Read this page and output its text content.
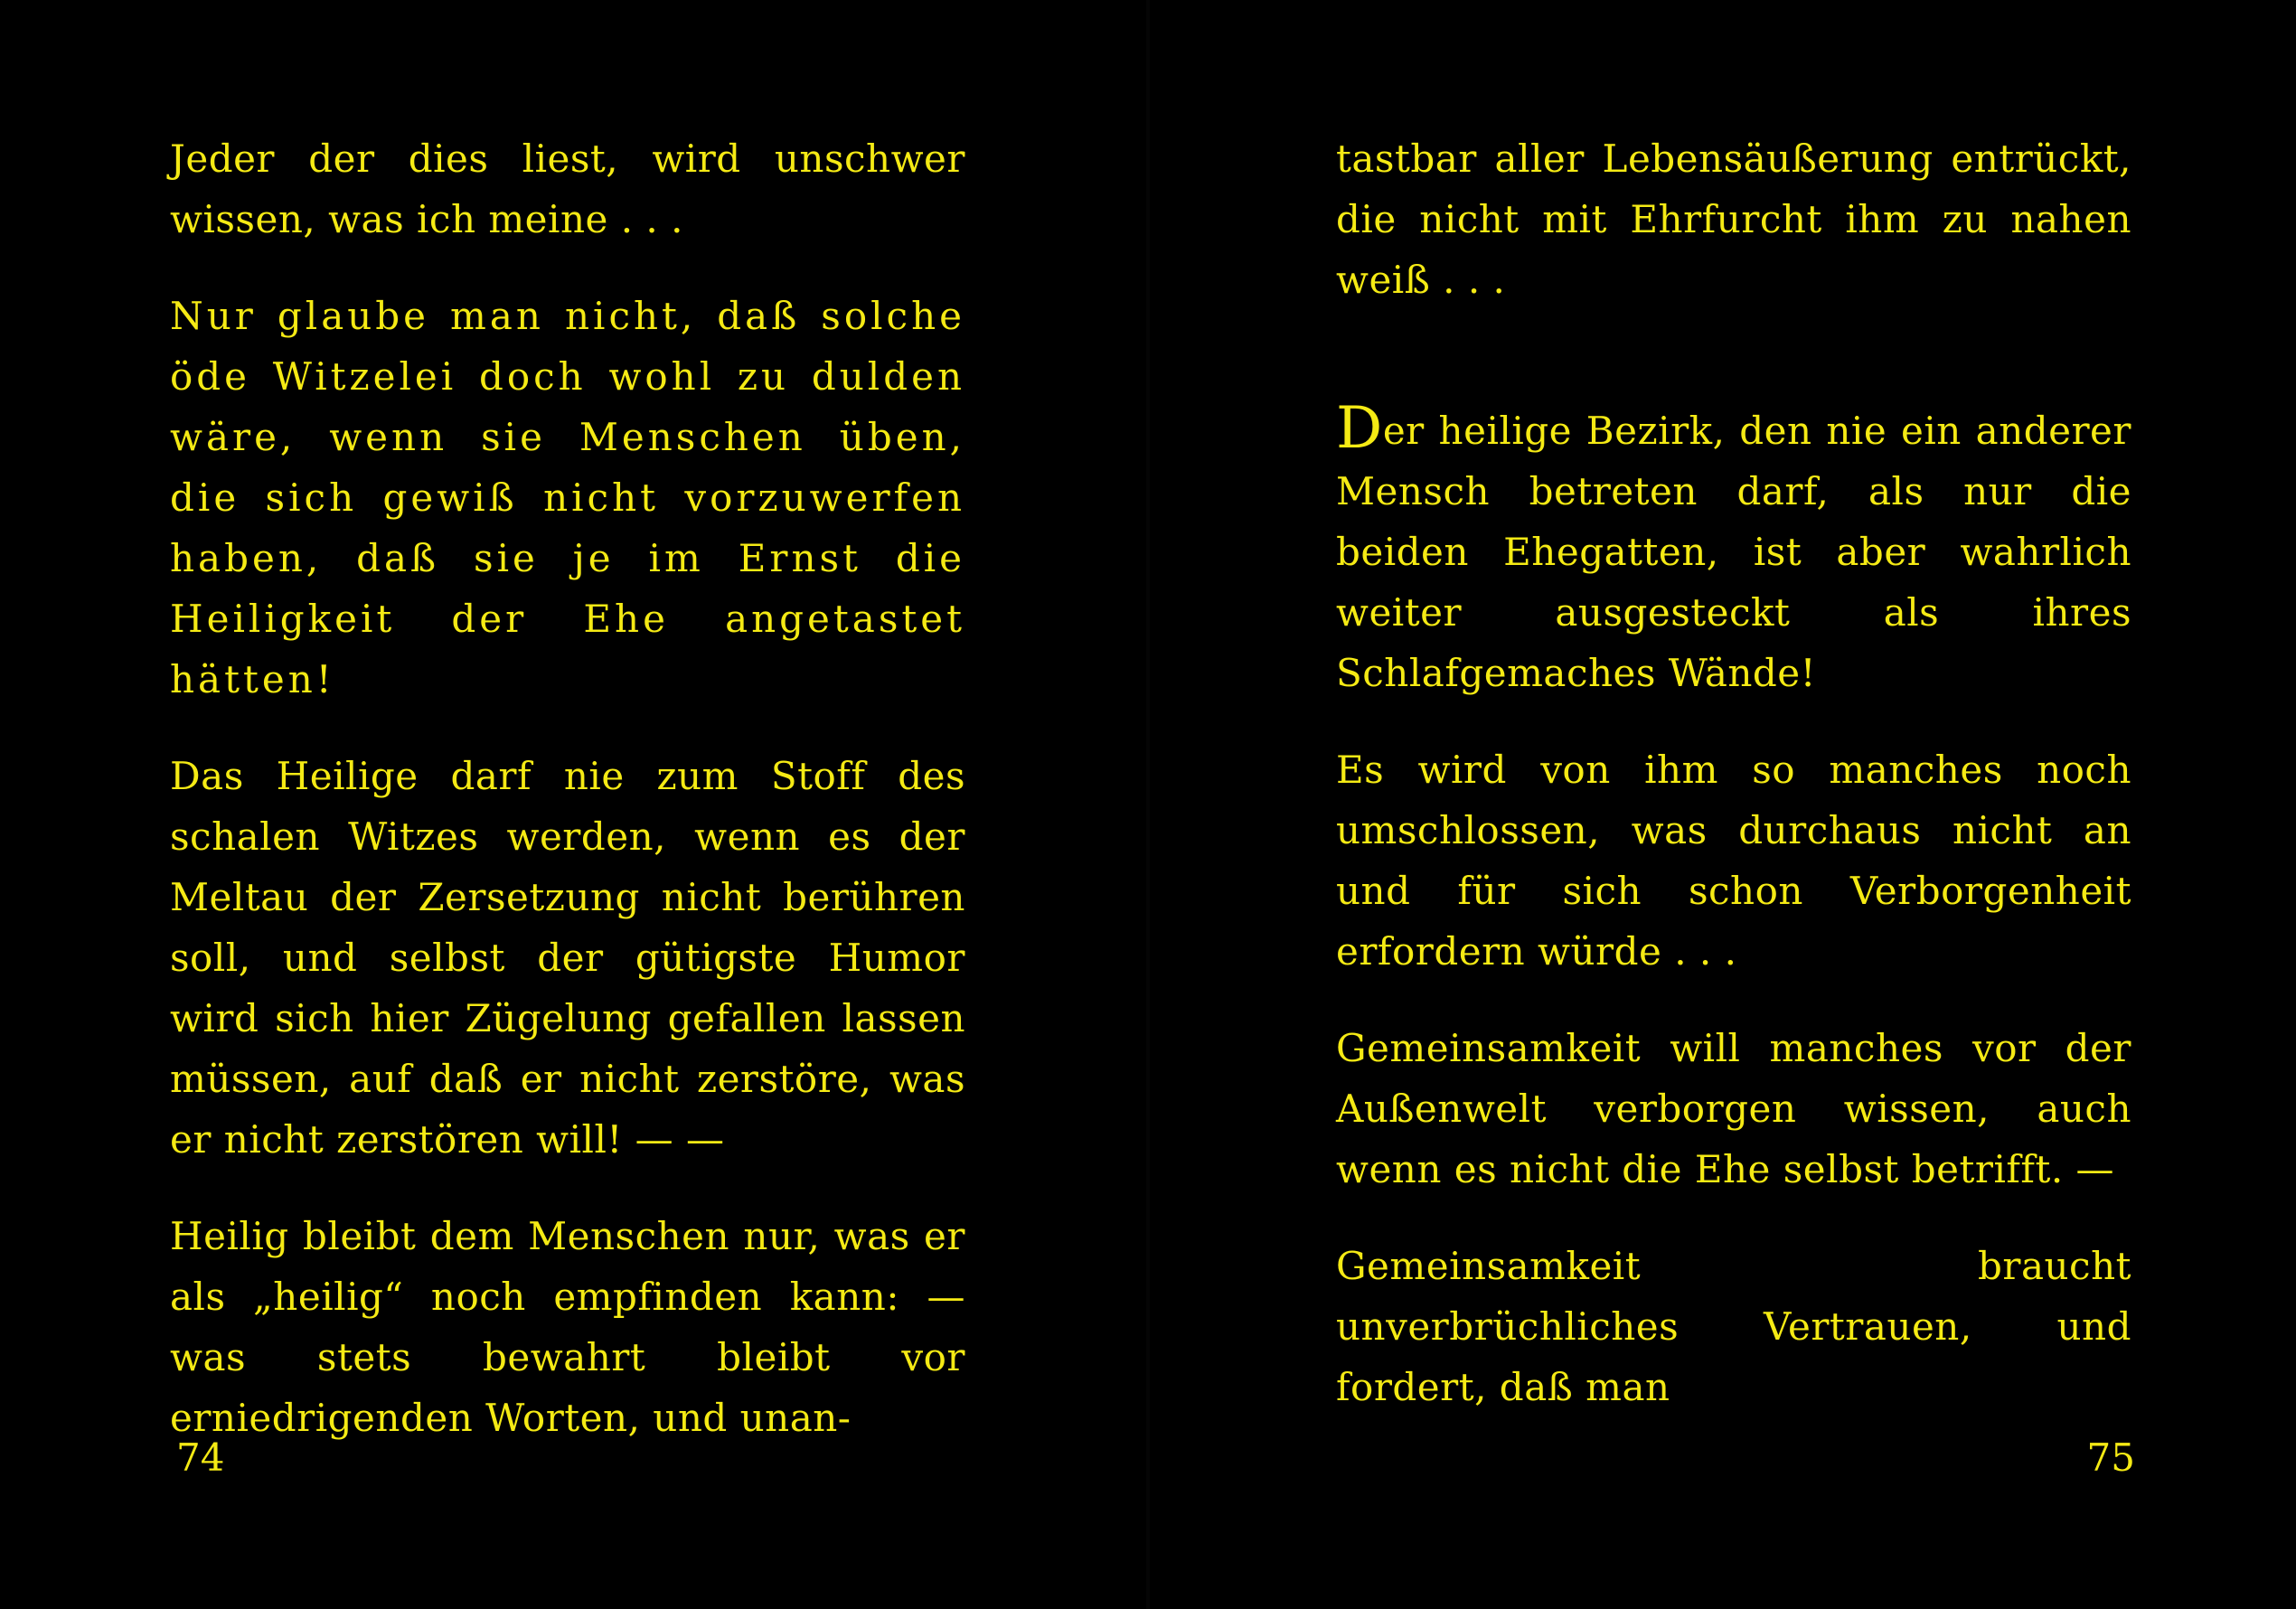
Jeder der dies liest, wird unschwer wissen, was ich meine . . .

Nur glaube man nicht, daß solche öde Witzelei doch wohl zu dulden wäre, wenn sie Menschen üben, die sich gewiß nicht vorzuwerfen haben, daß sie je im Ernst die Heiligkeit der Ehe angetastet hätten!

Das Heilige darf nie zum Stoff des schalen Witzes werden, wenn es der Meltau der Zersetzung nicht berühren soll, und selbst der gütigste Humor wird sich hier Zügelung gefallen lassen müssen, auf daß er nicht zerstöre, was er nicht zerstören will! — —

Heilig bleibt dem Menschen nur, was er als „heilig“ noch empfinden kann: — was stets bewahrt bleibt vor erniedrigenden Worten, und unan-

74

tastbar aller Lebensäußerung entrückt, die nicht mit Ehrfurcht ihm zu nahen weiß . . .

Der heilige Bezirk, den nie ein anderer Mensch betreten darf, als nur die beiden Ehegatten, ist aber wahrlich weiter ausgesteckt als ihres Schlafgemaches Wände!

Es wird von ihm so manches noch umschlossen, was durchaus nicht an und für sich schon Verborgenheit erfordern würde . . .

Gemeinsamkeit will manches vor der Außenwelt verborgen wissen, auch wenn es nicht die Ehe selbst betrifft. —

Gemeinsamkeit braucht unverbrüchliches Vertrauen, und fordert, daß man

75
